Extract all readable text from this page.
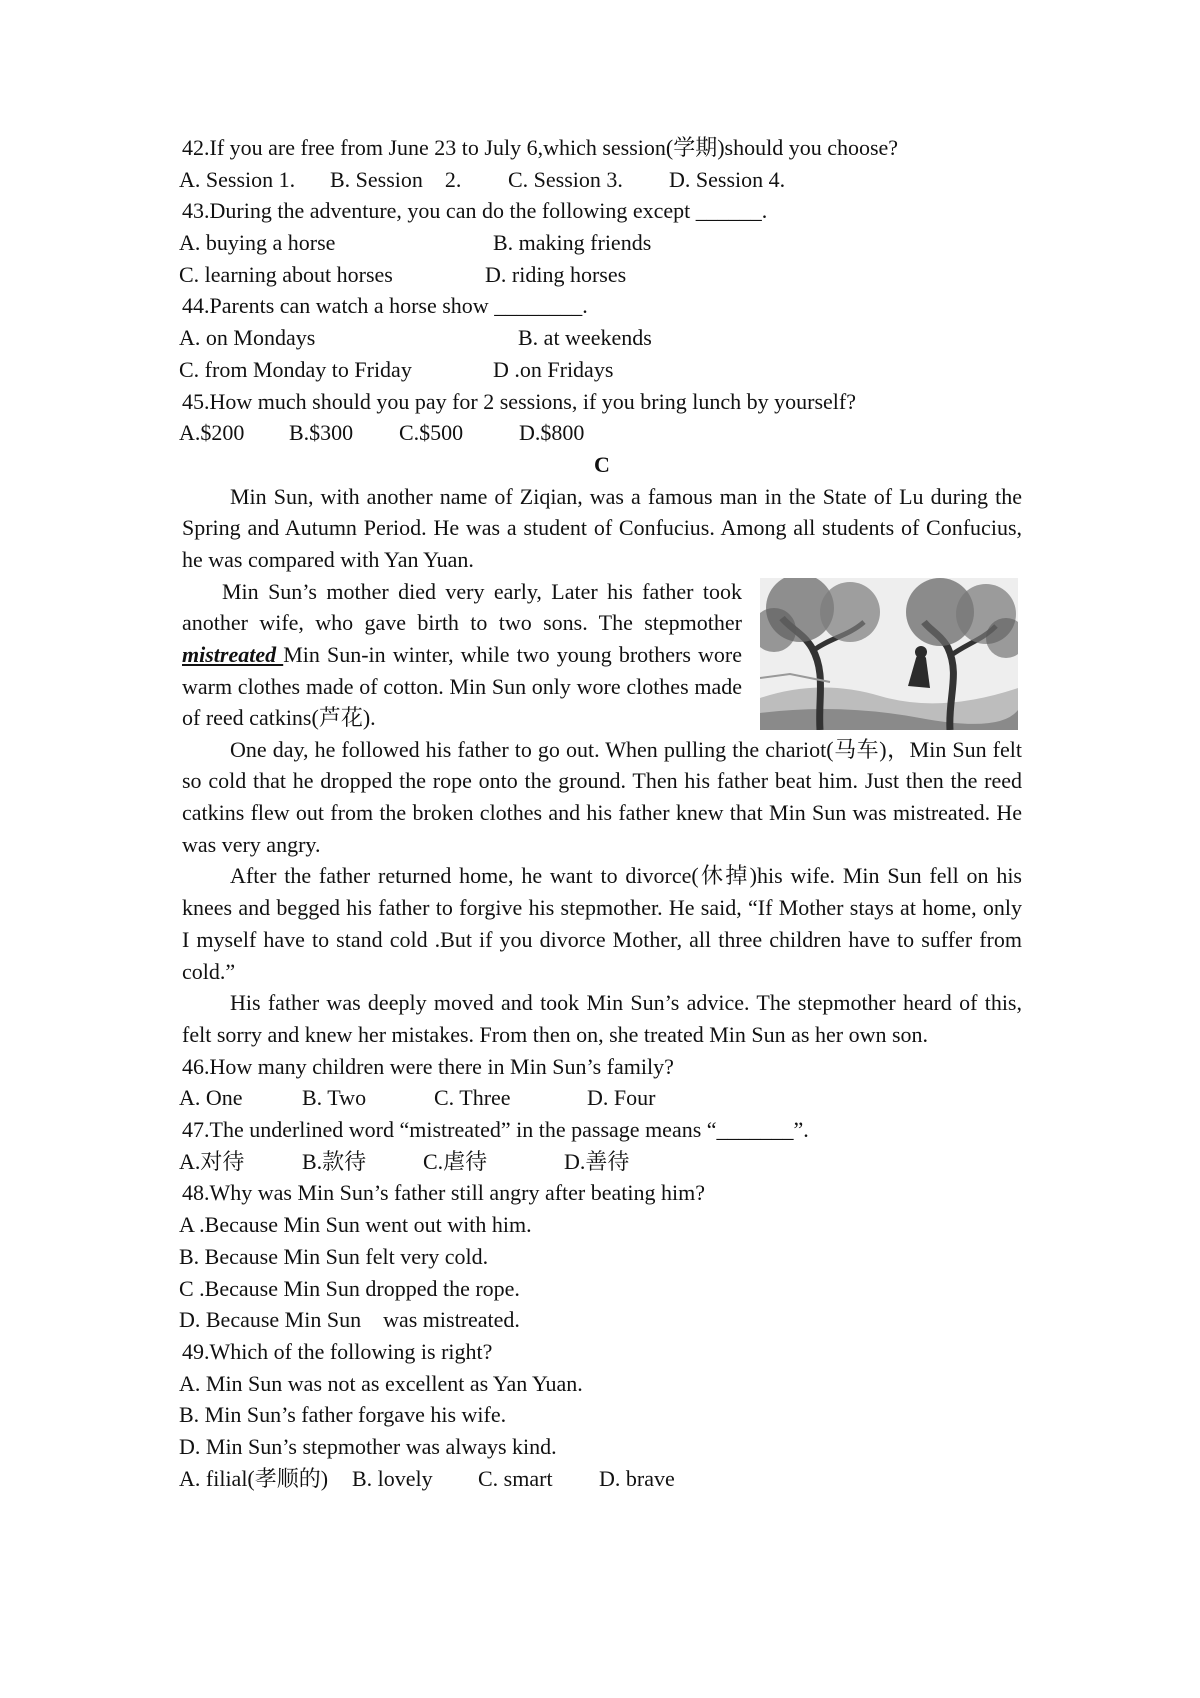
42.If you are free from June 23 to July 6,which session(学期)should you choose?
A. Session 1. B. Session    2. C. Session 3. D. Session 4.
43.During the adventure, you can do the following except ______.
A. buying a horse	B. making friends
C. learning about horses	D. riding horses
44.Parents can watch a horse show ________.
A. on Mondays	B. at weekends
C. from Monday to Friday	D .on Fridays
45.How much should you pay for 2 sessions, if you bring lunch by yourself?
A.$200 B.$300 C.$500	D.$800
C

Min Sun, with another name of Ziqian, was a famous man in the State of Lu during the Spring and Autumn Period. He was a student of Confucius. Among all students of Confucius, he was compared with Yan Yuan.

Min Sun’s mother died very early, Later his father took another wife, who gave birth to two sons. The stepmother mistreated Min Sun-in winter, while two young brothers wore warm clothes made of cotton. Min Sun only wore clothes made of reed catkins(芦花).

One day, he followed his father to go out. When pulling the chariot(马车)，Min Sun felt so cold that he dropped the rope onto the ground. Then his father beat him. Just then the reed catkins flew out from the broken clothes and his father knew that Min Sun was mistreated. He was very angry.

After the father returned home, he want to divorce(休掉)his wife. Min Sun fell on his knees and begged his father to forgive his stepmother. He said, “If Mother stays at home, only I myself have to stand cold .But if you divorce Mother, all three children have to suffer from cold.”

His father was deeply moved and took Min Sun’s advice. The stepmother heard of this, felt sorry and knew her mistakes. From then on, she treated Min Sun as her own son.

46.How many children were there in Min Sun’s family?
A. One	B. Two	C. Three	D. Four
47.The underlined word “mistreated” in the passage means “_______”.
A.对待	B.款待	C.虐待	D.善待
48.Why was Min Sun’s father still angry after beating him?
A .Because Min Sun went out with him.
B. Because Min Sun felt very cold.
C .Because Min Sun dropped the rope.
D. Because Min Sun    was mistreated.
49.Which of the following is right?
A. Min Sun was not as excellent as Yan Yuan.
B. Min Sun’s father forgave his wife.
D. Min Sun’s stepmother was always kind.
A. filial(孝顺的) B. lovely C. smart D. brave
